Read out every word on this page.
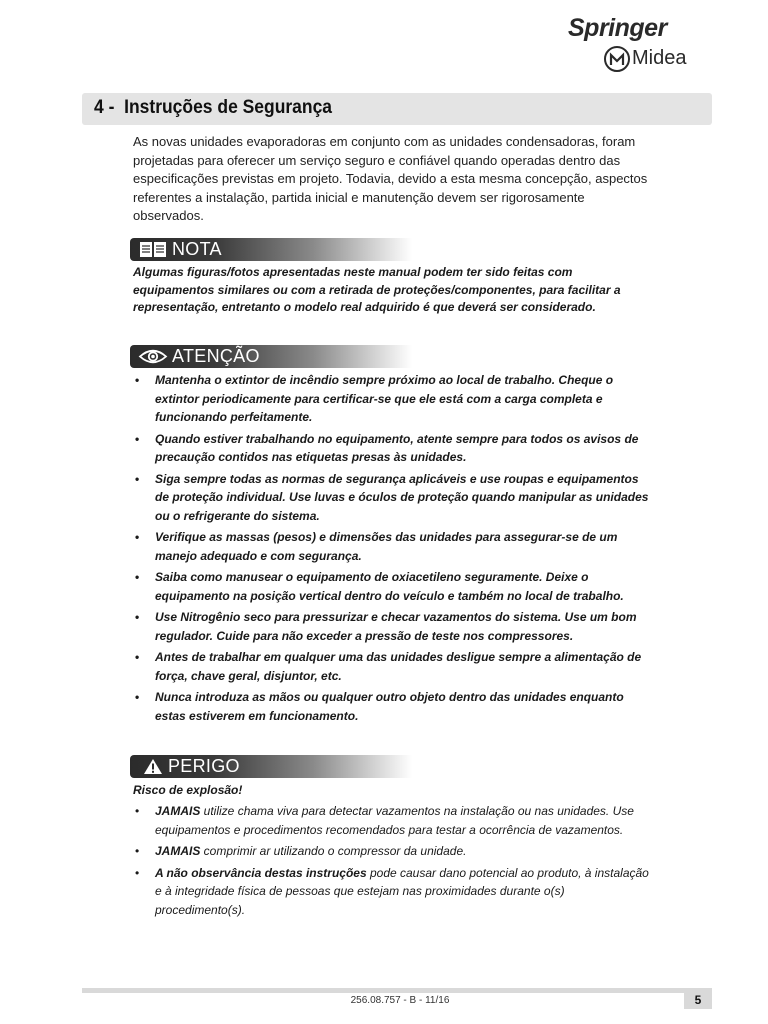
Springer
Midea
4 - Instruções de Segurança

As novas unidades evaporadoras em conjunto com as unidades condensadoras, foram projetadas para oferecer um serviço seguro e confiável quando operadas dentro das especificações previstas em projeto. Todavia, devido a esta mesma concepção, aspectos referentes a instalação, partida inicial e manutenção devem ser rigorosamente observados.

NOTA

Algumas figuras/fotos apresentadas neste manual podem ter sido feitas com equipamentos similares ou com a retirada de proteções/componentes, para facilitar a representação, entretanto o modelo real adquirido é que deverá ser considerado.

ATENÇÃO
• Mantenha o extintor de incêndio sempre próximo ao local de trabalho. Cheque o extintor periodicamente para certificar-se que ele está com a carga completa e funcionando perfeitamente.
• Quando estiver trabalhando no equipamento, atente sempre para todos os avisos de precaução contidos nas etiquetas presas às unidades.
• Siga sempre todas as normas de segurança aplicáveis e use roupas e equipamentos de proteção individual. Use luvas e óculos de proteção quando manipular as unidades ou o refrigerante do sistema.
• Verifique as massas (pesos) e dimensões das unidades para assegurar-se de um manejo adequado e com segurança.
• Saiba como manusear o equipamento de oxiacetileno seguramente. Deixe o equipamento na posição vertical dentro do veículo e também no local de trabalho.
• Use Nitrogênio seco para pressurizar e checar vazamentos do sistema. Use um bom regulador. Cuide para não exceder a pressão de teste nos compressores.
• Antes de trabalhar em qualquer uma das unidades desligue sempre a alimentação de força, chave geral, disjuntor, etc.
• Nunca introduza as mãos ou qualquer outro objeto dentro das unidades enquanto estas estiverem em funcionamento.
PERIGO

Risco de explosão!

• JAMAIS utilize chama viva para detectar vazamentos na instalação ou nas unidades. Use equipamentos e procedimentos recomendados para testar a ocorrência de vazamentos.
• JAMAIS comprimir ar utilizando o compressor da unidade.
• A não observância destas instruções pode causar dano potencial ao produto, à instalação e à integridade física de pessoas que estejam nas proximidades durante o(s) procedimento(s).
256.08.757 - B - 11/16	5
